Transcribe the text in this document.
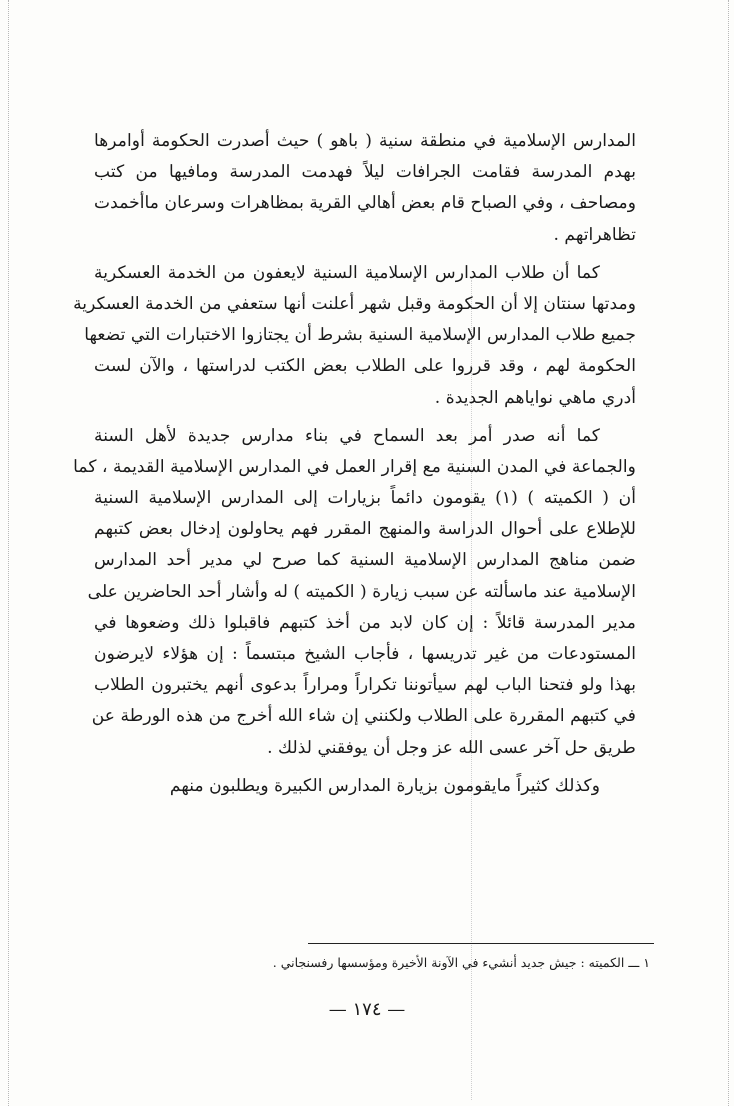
المدارس الإسلامية في منطقة سنية ( باهو ) حيث أصدرت الحكومة أوامرها
بهدم المدرسة فقامت الجرافات ليلاً فهدمت المدرسة ومافيها من كتب
ومصاحف ، وفي الصباح قام بعض أهالي القرية بمظاهرات وسرعان ماأخمدت
تظاهراتهم .
كما أن طلاب المدارس الإسلامية السنية لايعفون من الخدمة العسكرية
ومدتها سنتان إلا أن الحكومة وقبل شهر أعلنت أنها ستعفي من الخدمة العسكرية
جميع طلاب المدارس الإسلامية السنية بشرط أن يجتازوا الاختبارات التي تضعها
الحكومة لهم ، وقد قرروا على الطلاب بعض الكتب لدراستها ، والآن لست
أدري ماهي نواياهم الجديدة .
كما أنه صدر أمر بعد السماح في بناء مدارس جديدة لأهل السنة
والجماعة في المدن السنية مع إقرار العمل في المدارس الإسلامية القديمة ، كما
أن ( الكميته ) (١) يقومون دائماً بزيارات إلى المدارس الإسلامية السنية
للإطلاع على أحوال الدراسة والمنهج المقرر فهم يحاولون إدخال بعض كتبهم
ضمن مناهج المدارس الإسلامية السنية كما صرح لي مدير أحد المدارس
الإسلامية عند ماسألته عن سبب زيارة ( الكميته ) له وأشار أحد الحاضرين على
مدير المدرسة قائلاً : إن كان لابد من أخذ كتبهم فاقبلوا ذلك وضعوها في
المستودعات من غير تدريسها ، فأجاب الشيخ مبتسماً : إن هؤلاء لايرضون
بهذا ولو فتحنا الباب لهم سيأتوننا تكراراً ومراراً بدعوى أنهم يختبرون الطلاب
في كتبهم المقررة على الطلاب ولكنني إن شاء الله أخرج من هذه الورطة عن
طريق حل آخر عسى الله عز وجل أن يوفقني لذلك .
وكذلك كثيراً مايقومون بزيارة المدارس الكبيرة ويطلبون منهم
١ ـــ الكميته : جيش جديد أنشيء في الآونة الأخيرة ومؤسسها رفسنجاني .
— ١٧٤ —
